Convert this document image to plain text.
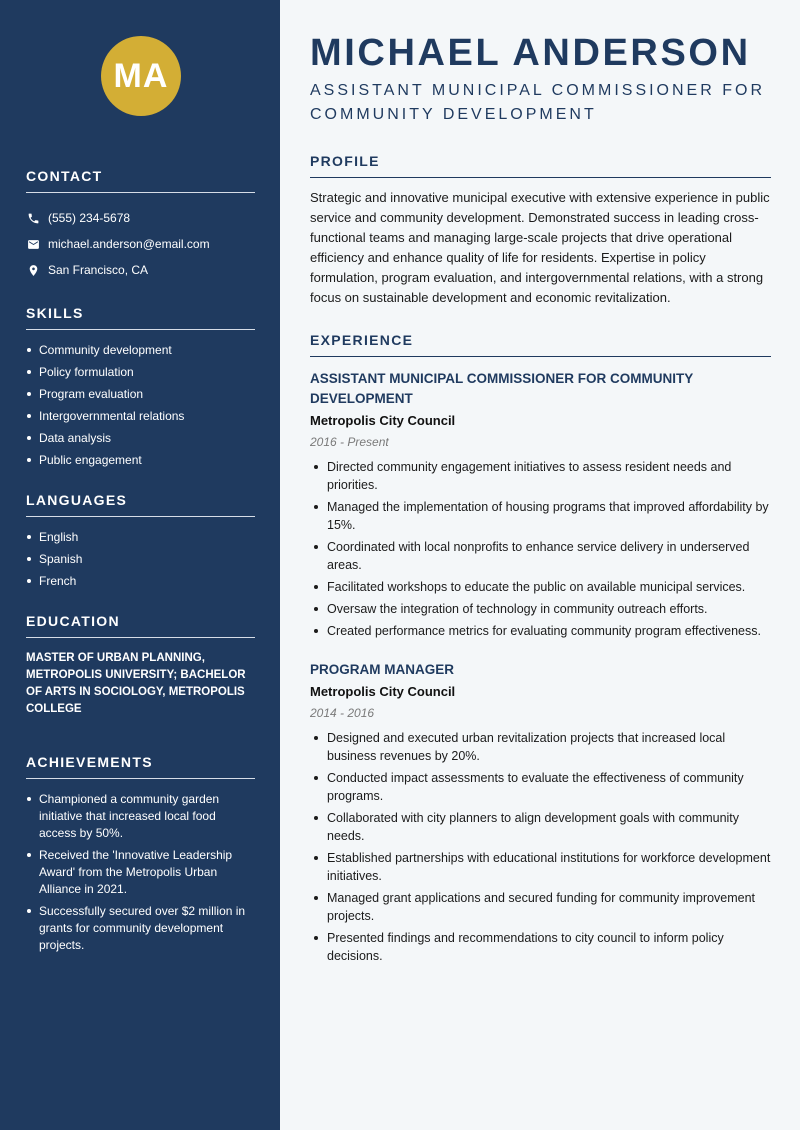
MA
CONTACT
(555) 234-5678
michael.anderson@email.com
San Francisco, CA
SKILLS
Community development
Policy formulation
Program evaluation
Intergovernmental relations
Data analysis
Public engagement
LANGUAGES
English
Spanish
French
EDUCATION
MASTER OF URBAN PLANNING, METROPOLIS UNIVERSITY; BACHELOR OF ARTS IN SOCIOLOGY, METROPOLIS COLLEGE
ACHIEVEMENTS
Championed a community garden initiative that increased local food access by 50%.
Received the 'Innovative Leadership Award' from the Metropolis Urban Alliance in 2021.
Successfully secured over $2 million in grants for community development projects.
MICHAEL ANDERSON
ASSISTANT MUNICIPAL COMMISSIONER FOR COMMUNITY DEVELOPMENT
PROFILE

Strategic and innovative municipal executive with extensive experience in public service and community development. Demonstrated success in leading cross-functional teams and managing large-scale projects that drive operational efficiency and enhance quality of life for residents. Expertise in policy formulation, program evaluation, and intergovernmental relations, with a strong focus on sustainable development and economic revitalization.

EXPERIENCE
ASSISTANT MUNICIPAL COMMISSIONER FOR COMMUNITY DEVELOPMENT
Metropolis City Council
2016 - Present
Directed community engagement initiatives to assess resident needs and priorities.
Managed the implementation of housing programs that improved affordability by 15%.
Coordinated with local nonprofits to enhance service delivery in underserved areas.
Facilitated workshops to educate the public on available municipal services.
Oversaw the integration of technology in community outreach efforts.
Created performance metrics for evaluating community program effectiveness.
PROGRAM MANAGER
Metropolis City Council
2014 - 2016
Designed and executed urban revitalization projects that increased local business revenues by 20%.
Conducted impact assessments to evaluate the effectiveness of community programs.
Collaborated with city planners to align development goals with community needs.
Established partnerships with educational institutions for workforce development initiatives.
Managed grant applications and secured funding for community improvement projects.
Presented findings and recommendations to city council to inform policy decisions.
